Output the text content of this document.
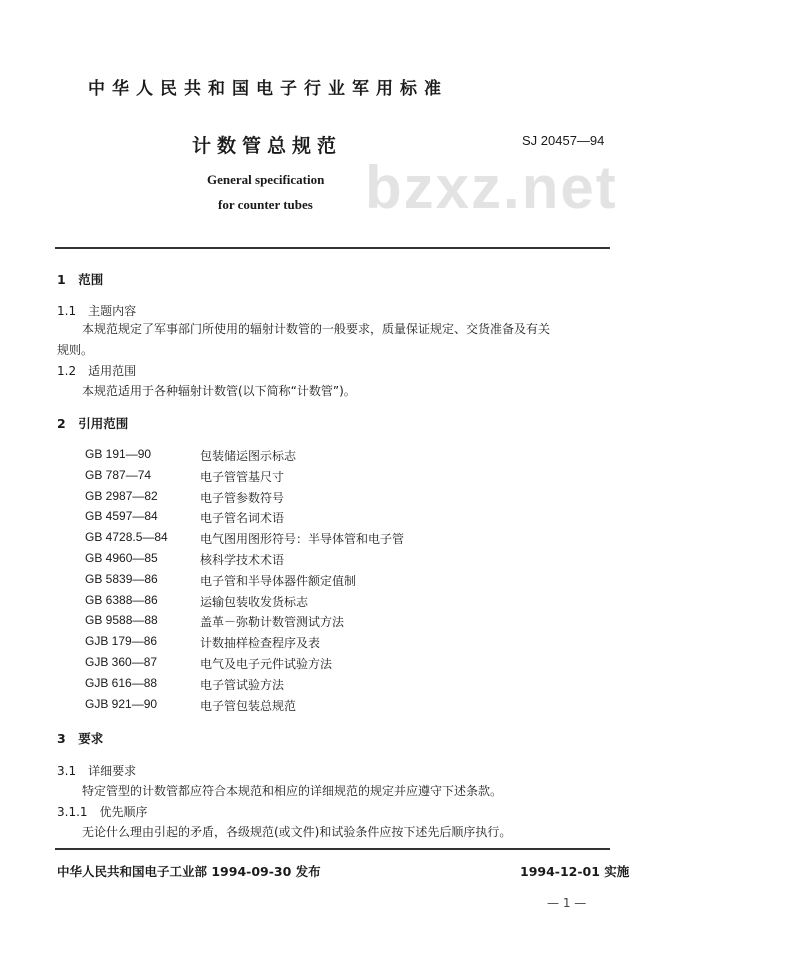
bzxz.net
中华人民共和国电子行业军用标准
计数管总规范	SJ 20457—94
General specification
for counter tubes
1　范围
1.1　主题内容
本规范规定了军事部门所使用的辐射计数管的一般要求，质量保证规定、交货准备及有关
规则。
1.2　适用范围
本规范适用于各种辐射计数管(以下简称“计数管”)。
2　引用范围
GB 191—90	包装储运图示标志
GB 787—74	电子管管基尺寸
GB 2987—82	电子管参数符号
GB 4597—84	电子管名词术语
GB 4728.5—84	电气图用图形符号：半导体管和电子管
GB 4960—85	核科学技术术语
GB 5839—86	电子管和半导体器件额定值制
GB 6388—86	运输包装收发货标志
GB 9588—88	盖革－弥勒计数管测试方法
GJB 179—86	计数抽样检查程序及表
GJB 360—87	电气及电子元件试验方法
GJB 616—88	电子管试验方法
GJB 921—90	电子管包装总规范
3　要求
3.1　详细要求
特定管型的计数管都应符合本规范和相应的详细规范的规定并应遵守下述条款。
3.1.1　优先顺序
无论什么理由引起的矛盾，各级规范(或文件)和试验条件应按下述先后顺序执行。
中华人民共和国电子工业部 1994-09-30 发布	1994-12-01 实施
— 1 —
